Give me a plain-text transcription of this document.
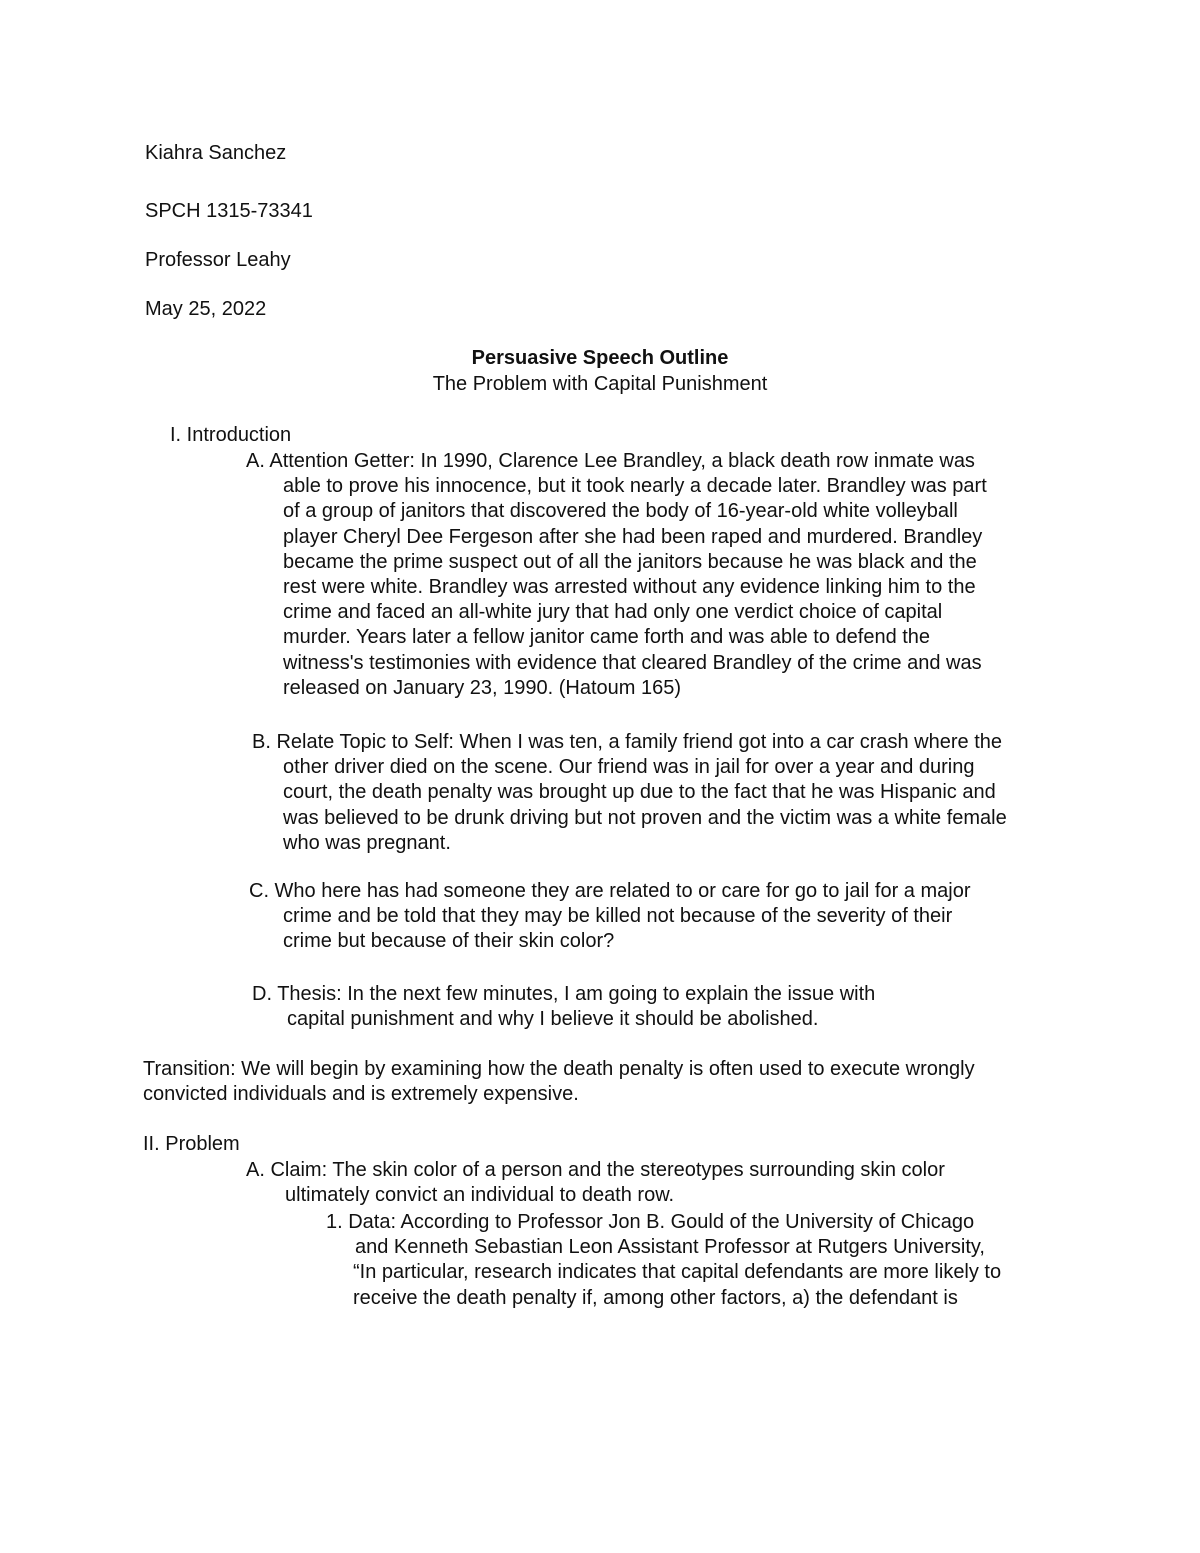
Kiahra Sanchez
SPCH 1315-73341
Professor Leahy
May 25, 2022
Persuasive Speech Outline
The Problem with Capital Punishment
I. Introduction
A. Attention Getter: In 1990, Clarence Lee Brandley, a black death row inmate was
able to prove his innocence, but it took nearly a decade later. Brandley was part
of a group of janitors that discovered the body of 16-year-old white volleyball
player Cheryl Dee Fergeson after she had been raped and murdered. Brandley
became the prime suspect out of all the janitors because he was black and the
rest were white. Brandley was arrested without any evidence linking him to the
crime and faced an all-white jury that had only one verdict choice of capital
murder. Years later a fellow janitor came forth and was able to defend the
witness's testimonies with evidence that cleared Brandley of the crime and was
released on January 23, 1990. (Hatoum 165)
B. Relate Topic to Self: When I was ten, a family friend got into a car crash where the
other driver died on the scene. Our friend was in jail for over a year and during
court, the death penalty was brought up due to the fact that he was Hispanic and
was believed to be drunk driving but not proven and the victim was a white female
who was pregnant.
C. Who here has had someone they are related to or care for go to jail for a major
crime and be told that they may be killed not because of the severity of their
crime but because of their skin color?
D. Thesis: In the next few minutes, I am going to explain the issue with
capital punishment and why I believe it should be abolished.
Transition: We will begin by examining how the death penalty is often used to execute wrongly
convicted individuals and is extremely expensive.
II. Problem
A. Claim: The skin color of a person and the stereotypes surrounding skin color
ultimately convict an individual to death row.
1. Data: According to Professor Jon B. Gould of the University of Chicago
and Kenneth Sebastian Leon Assistant Professor at Rutgers University,
“In particular, research indicates that capital defendants are more likely to
receive the death penalty if, among other factors, a) the defendant is
